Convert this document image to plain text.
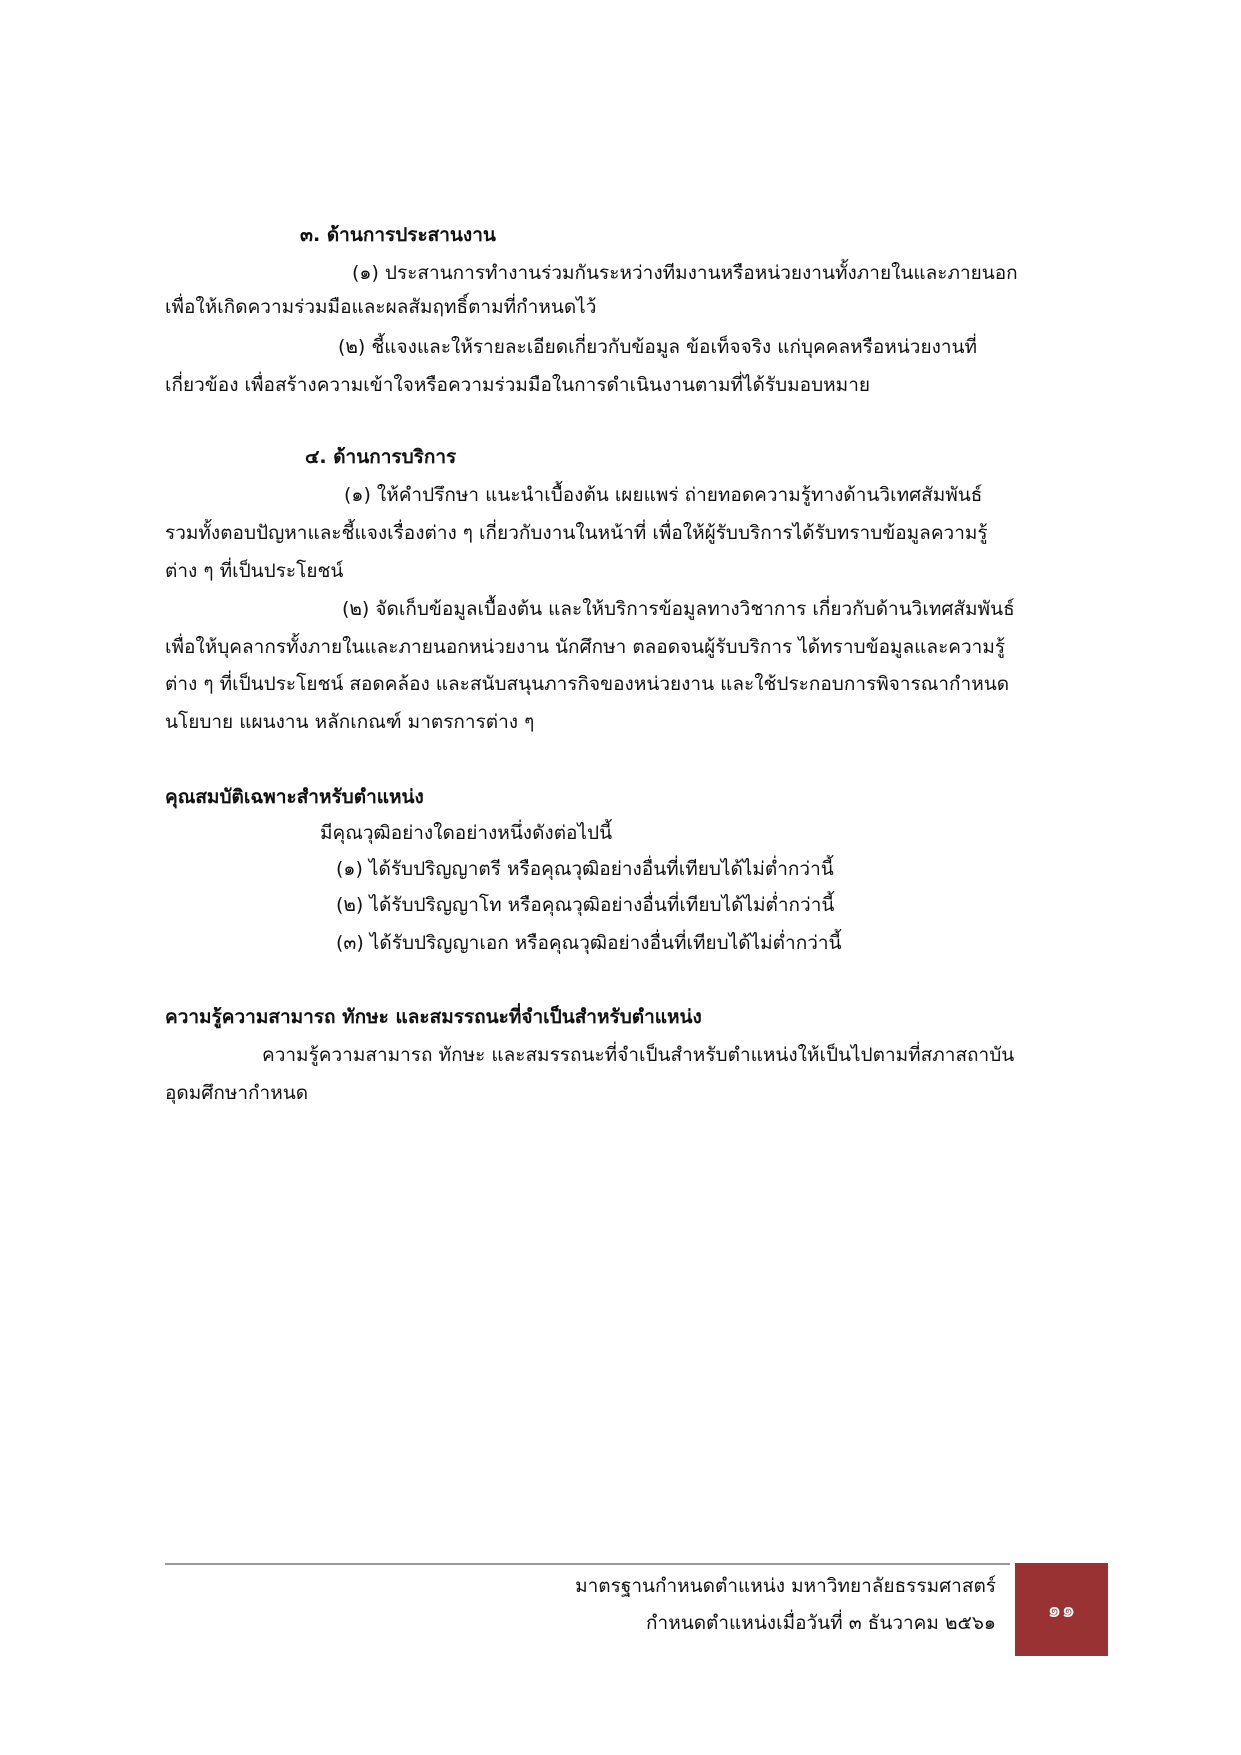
๓. ด้านการประสานงาน
(๑) ประสานการทำงานร่วมกันระหว่างทีมงานหรือหน่วยงานทั้งภายในและภายนอก
เพื่อให้เกิดความร่วมมือและผลสัมฤทธิ์ตามที่กำหนดไว้
(๒) ชี้แจงและให้รายละเอียดเกี่ยวกับข้อมูล ข้อเท็จจริง แก่บุคคลหรือหน่วยงานที่
เกี่ยวข้อง เพื่อสร้างความเข้าใจหรือความร่วมมือในการดำเนินงานตามที่ได้รับมอบหมาย
๔. ด้านการบริการ
(๑) ให้คำปรึกษา แนะนำเบื้องต้น เผยแพร่ ถ่ายทอดความรู้ทางด้านวิเทศสัมพันธ์
รวมทั้งตอบปัญหาและชี้แจงเรื่องต่าง ๆ เกี่ยวกับงานในหน้าที่ เพื่อให้ผู้รับบริการได้รับทราบข้อมูลความรู้
ต่าง ๆ ที่เป็นประโยชน์
(๒) จัดเก็บข้อมูลเบื้องต้น และให้บริการข้อมูลทางวิชาการ เกี่ยวกับด้านวิเทศสัมพันธ์
เพื่อให้บุคลากรทั้งภายในและภายนอกหน่วยงาน นักศึกษา ตลอดจนผู้รับบริการ ได้ทราบข้อมูลและความรู้
ต่าง ๆ ที่เป็นประโยชน์ สอดคล้อง และสนับสนุนภารกิจของหน่วยงาน และใช้ประกอบการพิจารณากำหนด
นโยบาย แผนงาน หลักเกณฑ์ มาตรการต่าง ๆ
คุณสมบัติเฉพาะสำหรับตำแหน่ง
มีคุณวุฒิอย่างใดอย่างหนึ่งดังต่อไปนี้
(๑) ได้รับปริญญาตรี หรือคุณวุฒิอย่างอื่นที่เทียบได้ไม่ต่ำกว่านี้
(๒) ได้รับปริญญาโท หรือคุณวุฒิอย่างอื่นที่เทียบได้ไม่ต่ำกว่านี้
(๓) ได้รับปริญญาเอก หรือคุณวุฒิอย่างอื่นที่เทียบได้ไม่ต่ำกว่านี้
ความรู้ความสามารถ ทักษะ และสมรรถนะที่จำเป็นสำหรับตำแหน่ง
ความรู้ความสามารถ ทักษะ และสมรรถนะที่จำเป็นสำหรับตำแหน่งให้เป็นไปตามที่สภาสถาบัน
อุดมศึกษากำหนด
มาตรฐานกำหนดตำแหน่ง มหาวิทยาลัยธรรมศาสตร์
กำหนดตำแหน่งเมื่อวันที่ ๓ ธันวาคม ๒๕๖๑ ๑๑
